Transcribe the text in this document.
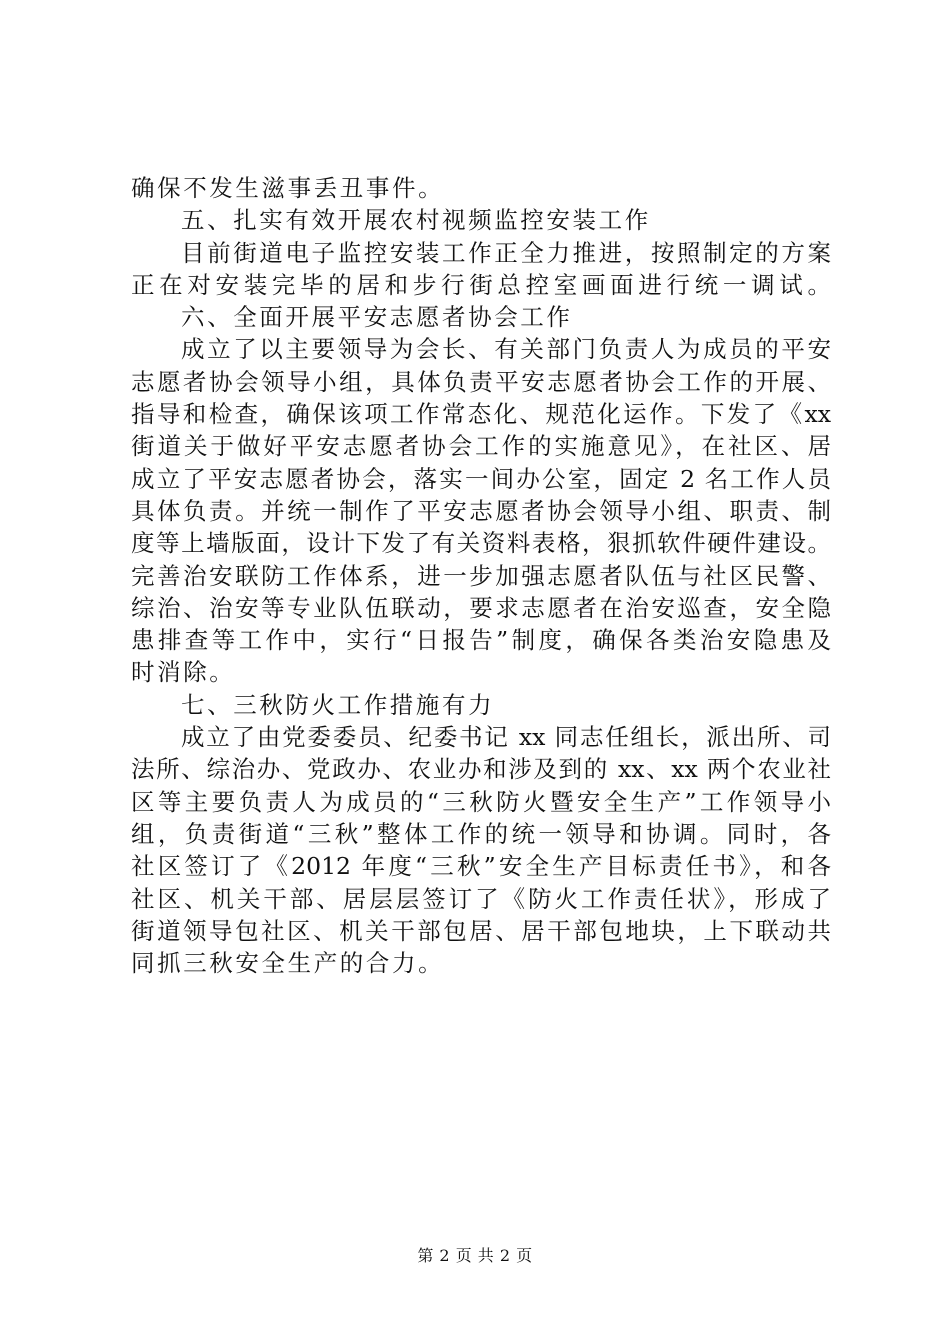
确保不发生滋事丢丑事件。
五、扎实有效开展农村视频监控安装工作
目前街道电子监控安装工作正全力推进，按照制定的方案
正在对安装完毕的居和步行街总控室画面进行统一调试。
六、全面开展平安志愿者协会工作
成立了以主要领导为会长、有关部门负责人为成员的平安
志愿者协会领导小组，具体负责平安志愿者协会工作的开展、
指导和检查，确保该项工作常态化、规范化运作。下发了《xx
街道关于做好平安志愿者协会工作的实施意见》，在社区、居
成立了平安志愿者协会，落实一间办公室，固定 2 名工作人员
具体负责。并统一制作了平安志愿者协会领导小组、职责、制
度等上墙版面，设计下发了有关资料表格，狠抓软件硬件建设。
完善治安联防工作体系，进一步加强志愿者队伍与社区民警、
综治、治安等专业队伍联动，要求志愿者在治安巡查，安全隐
患排查等工作中，实行“日报告”制度，确保各类治安隐患及
时消除。
七、三秋防火工作措施有力
成立了由党委委员、纪委书记 xx 同志任组长，派出所、司
法所、综治办、党政办、农业办和涉及到的 xx、xx 两个农业社
区等主要负责人为成员的“三秋防火暨安全生产”工作领导小
组，负责街道“三秋”整体工作的统一领导和协调。同时，各
社区签订了《2012 年度“三秋”安全生产目标责任书》，和各
社区、机关干部、居层层签订了《防火工作责任状》，形成了
街道领导包社区、机关干部包居、居干部包地块，上下联动共
同抓三秋安全生产的合力。
第 2 页 共 2 页
